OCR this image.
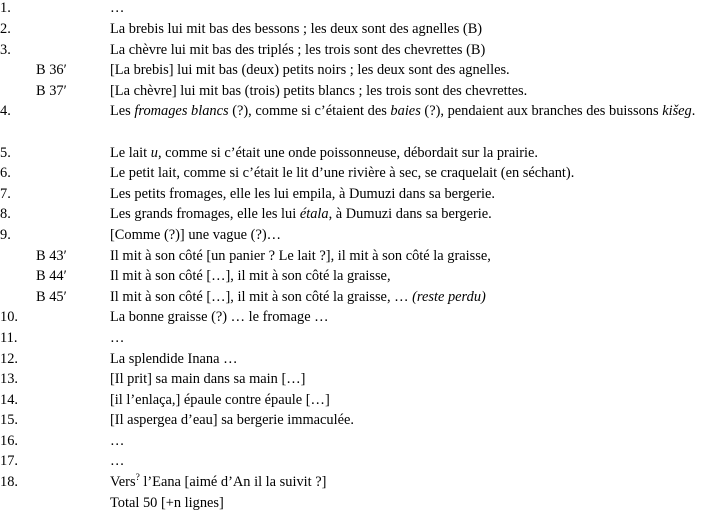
1.	…
2.	La brebis lui mit bas des bessons ; les deux sont des agnelles (B)
3.	La chèvre lui mit bas des triplés ; les trois sont des chevrettes (B)
B 36′	[La brebis] lui mit bas (deux) petits noirs ; les deux sont des agnelles.
B 37′	[La chèvre] lui mit bas (trois) petits blancs ; les trois sont des chevrettes.
4.	Les fromages blancs (?), comme si c’étaient des baies (?), pendaient aux branches des buissons kišeg.
5.	Le lait u, comme si c’était une onde poissonneuse, débordait sur la prairie.
6.	Le petit lait, comme si c’était le lit d’une rivière à sec, se craquelait (en séchant).
7.	Les petits fromages, elle les lui empila, à Dumuzi dans sa bergerie.
8.	Les grands fromages, elle les lui étala, à Dumuzi dans sa bergerie.
9.	[Comme (?)] une vague (?)…
B 43′	Il mit à son côté [un panier ? Le lait ?], il mit à son côté la graisse,
B 44′	Il mit à son côté […], il mit à son côté la graisse,
B 45′	Il mit à son côté […], il mit à son côté la graisse, … (reste perdu)
10.	La bonne graisse (?) … le fromage …
11.	…
12.	La splendide Inana …
13.	[Il prit] sa main dans sa main […]
14.	[il l’enlaça,] épaule contre épaule […]
15.	[Il aspergea d’eau] sa bergerie immaculée.
16.	…
17.	…
18.	Vers? l’Eana [aimé d’An il la suivit ?]
Total 50 [+n lignes]
